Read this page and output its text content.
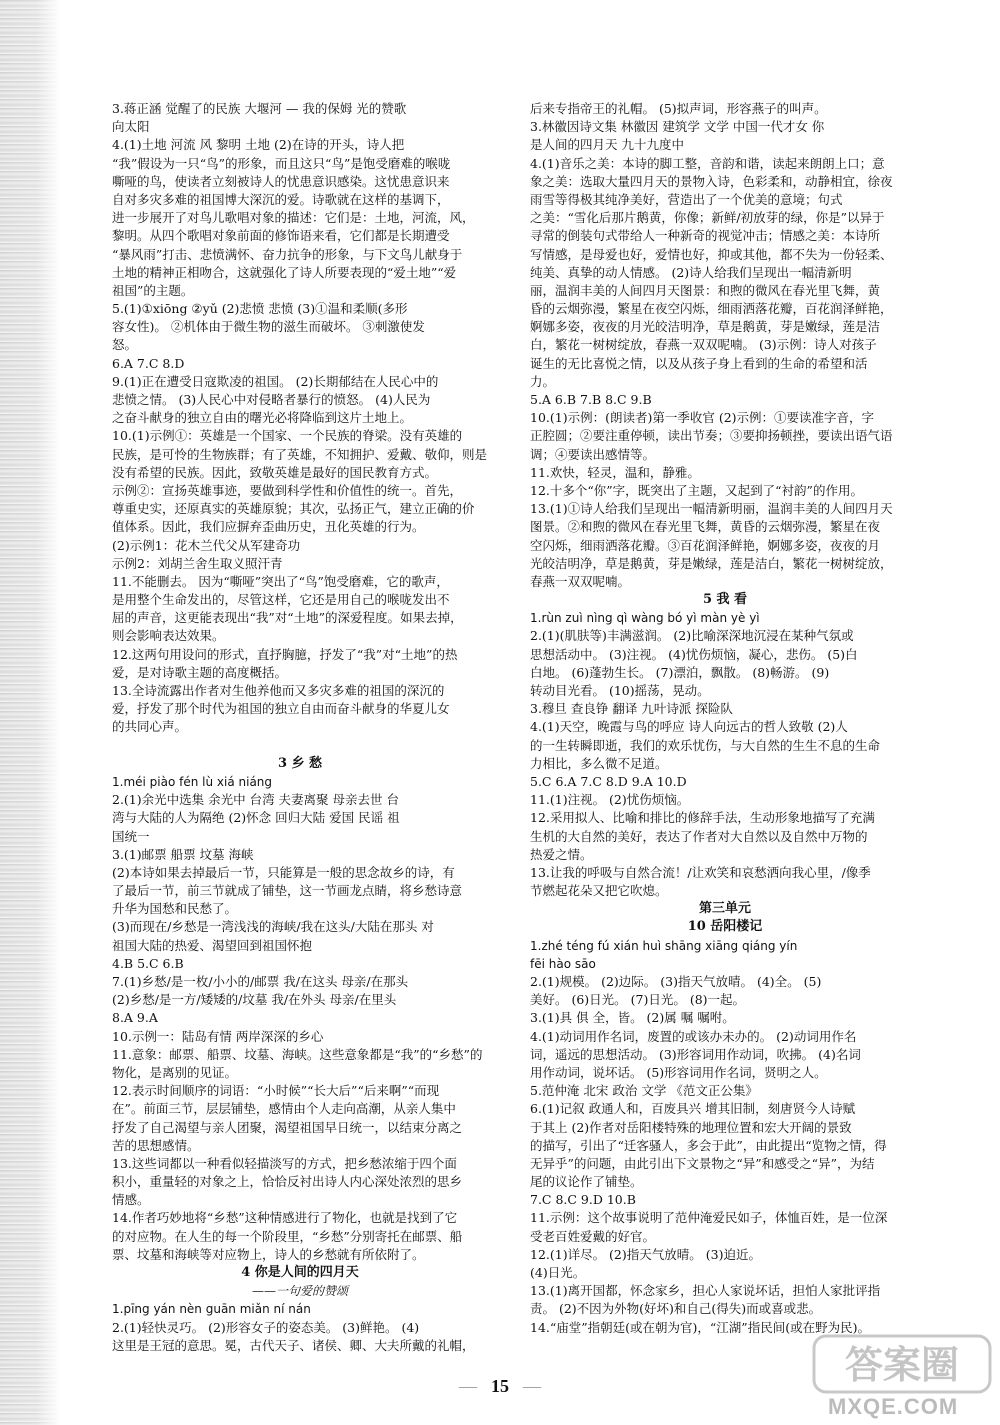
3.蒋正涵 觉醒了的民族 大堰河 — 我的保姆 光的赞歌
向太阳
4.(1)土地 河流 风 黎明 土地 (2)在诗的开头，诗人把
“我”假设为一只“鸟”的形象，而且这只“鸟”是饱受磨难的喉咙
嘶哑的鸟，使读者立刻被诗人的忧患意识感染。这忧患意识来
自对多灾多难的祖国博大深沉的爱。诗歌就在这样的基调下，
进一步展开了对鸟儿歌唱对象的描述：它们是：土地，河流，风，
黎明。从四个歌唱对象前面的修饰语来看，它们都是长期遭受
“暴风雨”打击、悲愤满怀、奋力抗争的形象，与下文鸟儿献身于
土地的精神正相吻合，这就强化了诗人所要表现的“爱土地”“爱
祖国”的主题。
5.(1)①xiōng ②yǔ (2)悲愤 悲愤 (3)①温和柔顺(多形
容女性)。 ②机体由于微生物的滋生而破坏。 ③刺激使发
怒。
6.A 7.C 8.D
9.(1)正在遭受日寇欺凌的祖国。 (2)长期郁结在人民心中的
悲愤之情。 (3)人民心中对侵略者暴行的愤怒。 (4)人民为
之奋斗献身的独立自由的曙光必将降临到这片土地上。
10.(1)示例①：英雄是一个国家、一个民族的脊梁。没有英雄的
民族，是可怜的生物族群；有了英雄，不知拥护、爱戴、敬仰，则是
没有希望的民族。因此，致敬英雄是最好的国民教育方式。
示例②：宣扬英雄事迹，要做到科学性和价值性的统一。首先，
尊重史实，还原真实的英雄原貌；其次，弘扬正气，建立正确的价
值体系。因此，我们应摒弃歪曲历史，丑化英雄的行为。
(2)示例1：花木兰代父从军建奇功
示例2：刘胡兰舍生取义照汗青
11.不能删去。 因为“嘶哑”突出了“鸟”饱受磨难，它的歌声，
是用整个生命发出的，尽管这样，它还是用自己的喉咙发出不
屈的声音，这更能表现出“我”对“土地”的深爱程度。如果去掉，
则会影响表达效果。
12.这两句用设问的形式，直抒胸臆，抒发了“我”对“土地”的热
爱，是对诗歌主题的高度概括。
13.全诗流露出作者对生他养他而又多灾多难的祖国的深沉的
爱，抒发了那个时代为祖国的独立自由而奋斗献身的华夏儿女
的共同心声。
3 乡 愁
1.méi piào fén lù xiá niáng
2.(1)余光中选集 余光中 台湾 夫妻离聚 母亲去世 台
湾与大陆的人为隔绝 (2)怀念 回归大陆 爱国 民谣 祖
国统一
3.(1)邮票 船票 坟墓 海峡
(2)本诗如果去掉最后一节，只能算是一般的思念故乡的诗，有
了最后一节，前三节就成了铺垫，这一节画龙点睛，将乡愁诗意
升华为国愁和民愁了。
(3)而现在/乡愁是一湾浅浅的海峡/我在这头/大陆在那头 对
祖国大陆的热爱、渴望回到祖国怀抱
4.B 5.C 6.B
7.(1)乡愁/是一枚/小小的/邮票 我/在这头 母亲/在那头
(2)乡愁/是一方/矮矮的/坟墓 我/在外头 母亲/在里头
8.A 9.A
10.示例一：陆岛有情 两岸深深的乡心
11.意象：邮票、船票、坟墓、海峡。这些意象都是“我”的“乡愁”的
物化，是离别的见证。
12.表示时间顺序的词语：“小时候”“长大后”“后来啊”“而现
在”。前面三节，层层铺垫，感情由个人走向高潮，从亲人集中
抒发了自己渴望与亲人团聚，渴望祖国早日统一，以结束分离之
苦的思想感情。
13.这些词都以一种看似轻描淡写的方式，把乡愁浓缩于四个面
积小，重量轻的对象之上，恰恰反衬出诗人内心深处浓烈的思乡
情感。
14.作者巧妙地将“乡愁”这种情感进行了物化，也就是找到了它
的对应物。在人生的每一个阶段里，“乡愁”分别寄托在邮票、船
票、坟墓和海峡等对应物上，诗人的乡愁就有所依附了。
4 你是人间的四月天
——一句爱的赞颂
1.pīng yán nèn guān miǎn ní nán
2.(1)轻快灵巧。 (2)形容女子的姿态美。 (3)鲜艳。 (4)
这里是王冠的意思。冕，古代天子、诸侯、卿、大夫所戴的礼帽，
后来专指帝王的礼帽。 (5)拟声词，形容燕子的叫声。
3.林徽因诗文集 林徽因 建筑学 文学 中国一代才女 你
是人间的四月天 九十九度中
4.(1)音乐之美：本诗的脚工整，音韵和谐，读起来朗朗上口；意
象之美：选取大量四月天的景物入诗，色彩柔和，动静相宜，徐夜
雨雪等得极其纯净美好，营造出了一个优美的意境；句式
之美：“雪化后那片鹅黄，你像；新鲜/初放芽的绿，你是”以异于
寻常的倒装句式带给人一种新奇的视觉冲击；情感之美：本诗所
写情感，是母爱也好，爱情也好，抑或其他，都不失为一份轻柔、
纯美、真挚的动人情感。 (2)诗人给我们呈现出一幅清新明
丽，温润丰美的人间四月天图景：和煦的微风在春光里飞舞，黄
昏的云烟弥漫，繁星在夜空闪烁，细雨洒落花瓣，百花润泽鲜艳，
婀娜多姿，夜夜的月光皎洁明净，草是鹅黄，芽是嫩绿，莲是洁
白，繁花一树树绽放，春燕一双双呢喃。 (3)示例：诗人对孩子
诞生的无比喜悦之情，以及从孩子身上看到的生命的希望和活
力。
5.A 6.B 7.B 8.C 9.B
10.(1)示例：(朗读者)第一季收官 (2)示例：①要读准字音，字
正腔圆；②要注重停顿，读出节奏；③要抑扬顿挫，要读出语气语
调；④要读出感情等。
11.欢快，轻灵，温和，静雅。
12.十多个“你”字，既突出了主题，又起到了“衬韵”的作用。
13.(1)①诗人给我们呈现出一幅清新明丽，温润丰美的人间四月天
图景。②和煦的微风在春光里飞舞，黄昏的云烟弥漫，繁星在夜
空闪烁，细雨洒落花瓣。③百花润泽鲜艳，婀娜多姿，夜夜的月
光皎洁明净，草是鹅黄，芽是嫩绿，莲是洁白，繁花一树树绽放，
春燕一双双呢喃。
5 我 看
1.rùn zuì nìng qì wàng bó yì màn yè yì
2.(1)(肌肤等)丰满滋润。 (2)比喻深深地沉浸在某种气氛或
思想活动中。 (3)注视。 (4)忧伤烦恼，凝心，悲伤。 (5)白
白地。 (6)蓬勃生长。 (7)漂泊，飘散。 (8)畅游。 (9)
转动目光看。 (10)摇荡，晃动。
3.穆旦 查良铮 翻译 九叶诗派 探险队
4.(1)天空，晚霞与鸟的呼应 诗人向远古的哲人致敬 (2)人
的一生转瞬即逝，我们的欢乐忧伤，与大自然的生生不息的生命
力相比，多么微不足道。
5.C 6.A 7.C 8.D 9.A 10.D
11.(1)注视。 (2)忧伤烦恼。
12.采用拟人、比喻和排比的修辞手法，生动形象地描写了充满
生机的大自然的美好，表达了作者对大自然以及自然中万物的
热爱之情。
13.让我的呼吸与自然合流！/让欢笑和哀愁洒向我心里，/像季
节燃起花朵又把它吹熄。
第三单元
10 岳阳楼记
1.zhé téng fú xián huì shāng xiāng qiáng yín
fēi hào sāo
2.(1)规模。 (2)边际。 (3)指天气放晴。 (4)全。 (5)
美好。 (6)日光。 (7)日光。 (8)一起。
3.(1)具 俱 全，皆。 (2)属 嘱 嘱咐。
4.(1)动词用作名词，废置的或该办未办的。 (2)动词用作名
词，遥远的思想活动。 (3)形容词用作动词，吹拂。 (4)名词
用作动词，说坏话。 (5)形容词用作名词，贤明之人。
5.范仲淹 北宋 政治 文学 《范文正公集》
6.(1)记叙 政通人和，百废具兴 增其旧制，刻唐贤今人诗赋
于其上 (2)作者对岳阳楼特殊的地理位置和宏大开阔的景致
的描写，引出了“迁客骚人，多会于此”，由此提出“览物之情，得
无异乎”的问题，由此引出下文景物之“异”和感受之“异”，为结
尾的议论作了铺垫。
7.C 8.C 9.D 10.B
11.示例：这个故事说明了范仲淹爱民如子，体恤百姓，是一位深
受老百姓爱戴的好官。
12.(1)详尽。 (2)指天气放晴。 (3)迫近。
(4)日光。
13.(1)离开国都，怀念家乡，担心人家说坏话，担怕人家批评指
责。 (2)不因为外物(好坏)和自己(得失)而或喜或悲。
14.“庙堂”指朝廷(或在朝为官)，“江湖”指民间(或在野为民)。
— 15 —	答案圈
MXQE.COM
